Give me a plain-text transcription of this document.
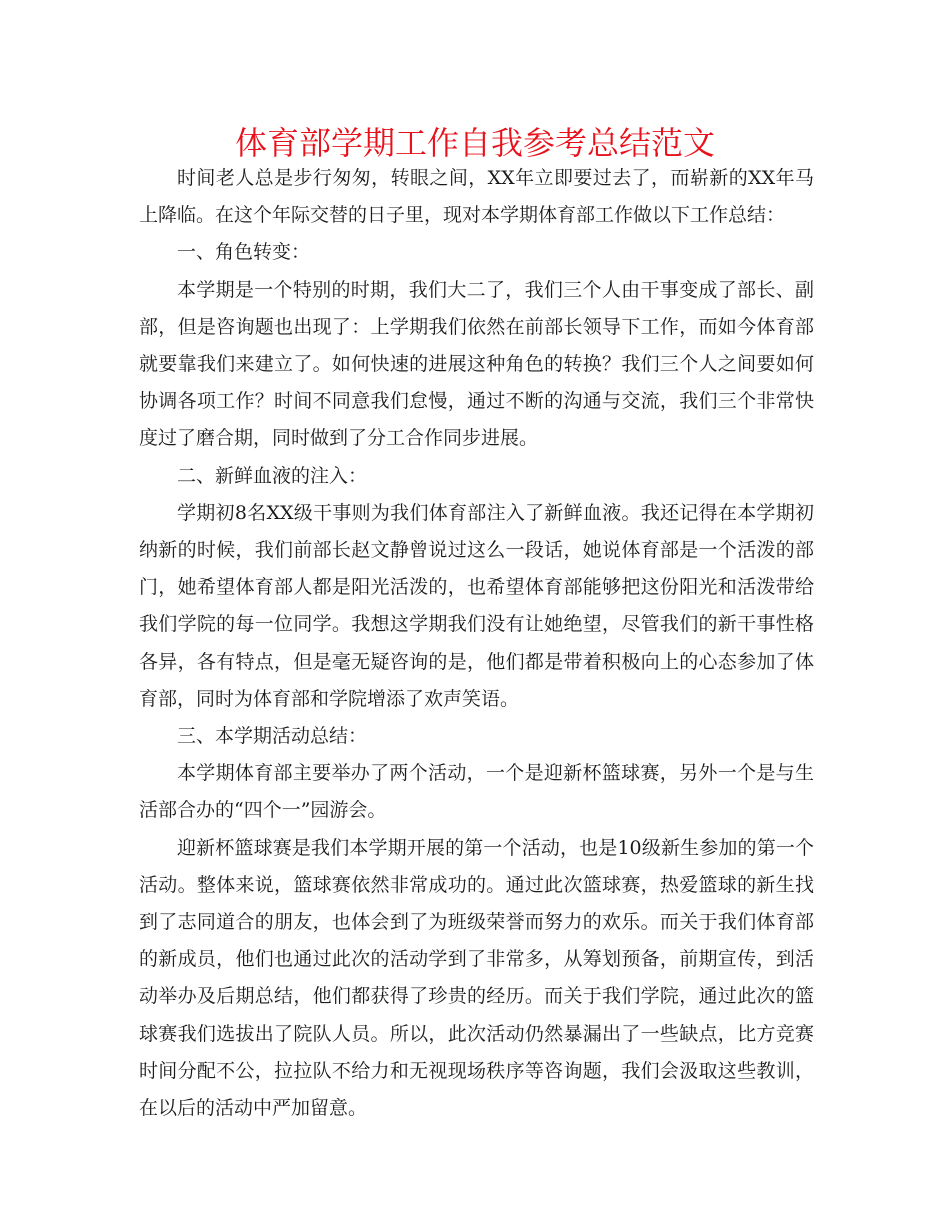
体育部学期工作自我参考总结范文

时间老人总是步行匆匆，转眼之间，XX年立即要过去了，而崭新的XX年马上降临。在这个年际交替的日子里，现对本学期体育部工作做以下工作总结：

一、角色转变：

本学期是一个特别的时期，我们大二了，我们三个人由干事变成了部长、副部，但是咨询题也出现了：上学期我们依然在前部长领导下工作，而如今体育部就要靠我们来建立了。如何快速的进展这种角色的转换？我们三个人之间要如何协调各项工作？时间不同意我们怠慢，通过不断的沟通与交流，我们三个非常快度过了磨合期，同时做到了分工合作同步进展。

二、新鲜血液的注入：

学期初8名XX级干事则为我们体育部注入了新鲜血液。我还记得在本学期初纳新的时候，我们前部长赵文静曾说过这么一段话，她说体育部是一个活泼的部门，她希望体育部人都是阳光活泼的，也希望体育部能够把这份阳光和活泼带给我们学院的每一位同学。我想这学期我们没有让她绝望，尽管我们的新干事性格各异，各有特点，但是毫无疑咨询的是，他们都是带着积极向上的心态参加了体育部，同时为体育部和学院增添了欢声笑语。

三、本学期活动总结：

本学期体育部主要举办了两个活动，一个是迎新杯篮球赛，另外一个是与生活部合办的“四个一”园游会。

迎新杯篮球赛是我们本学期开展的第一个活动，也是10级新生参加的第一个活动。整体来说，篮球赛依然非常成功的。通过此次篮球赛，热爱篮球的新生找到了志同道合的朋友，也体会到了为班级荣誉而努力的欢乐。而关于我们体育部的新成员，他们也通过此次的活动学到了非常多，从筹划预备，前期宣传，到活动举办及后期总结，他们都获得了珍贵的经历。而关于我们学院，通过此次的篮球赛我们选拔出了院队人员。所以，此次活动仍然暴漏出了一些缺点，比方竞赛时间分配不公，拉拉队不给力和无视现场秩序等咨询题，我们会汲取这些教训，在以后的活动中严加留意。
